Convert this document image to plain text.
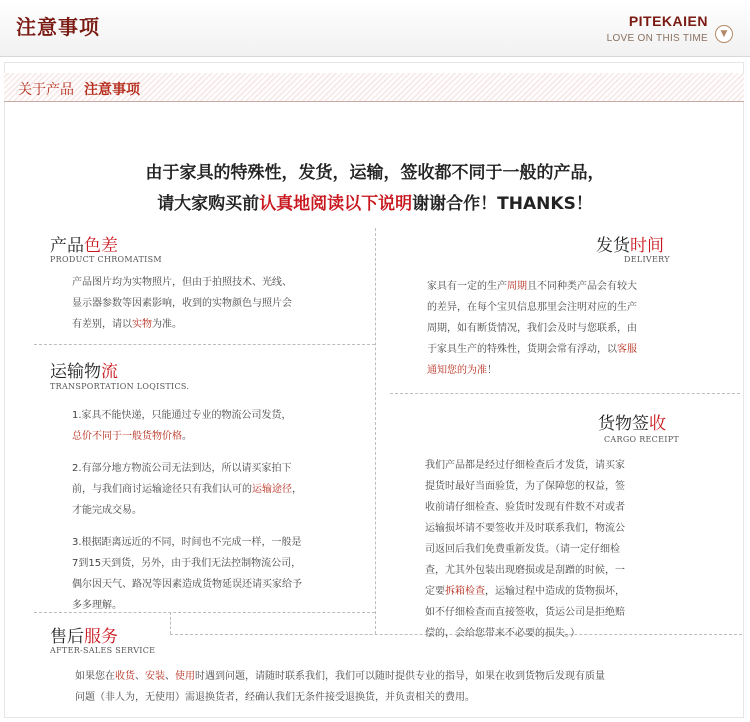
注意事项	PITEKAIEN
LOVE ON THIS TIME	▼
关于产品 注意事项
由于家具的特殊性，发货，运输，签收都不同于一般的产品，
请大家购买前认真地阅读以下说明谢谢合作！THANKS！
产品色差
PRODUCT CHROMATISM
产品图片均为实物照片，但由于拍照技术、光线、
显示器参数等因素影响，收到的实物颜色与照片会
有差别，请以实物为准。
发货时间
DELIVERY
家具有一定的生产周期且不同种类产品会有较大
的差异，在每个宝贝信息那里会注明对应的生产
周期，如有断货情况，我们会及时与您联系，由
于家具生产的特殊性，货期会常有浮动，以客服
通知您的为准！
运输物流
TRANSPORTATION LOQISTICS.
1.家具不能快递，只能通过专业的物流公司发货，
总价不同于一般货物价格。
2.有部分地方物流公司无法到达，所以请买家拍下
前，与我们商讨运输途径只有我们认可的运输途径，
才能完成交易。
3.根据距离远近的不同，时间也不完成一样，一般是
7到15天到货，另外，由于我们无法控制物流公司，
偶尔因天气、路况等因素造成货物延误还请买家给予
多多理解。
货物签收
CARGO RECEIPT
我们产品都是经过仔细检查后才发货，请买家
提货时最好当面验货，为了保障您的权益，签
收前请仔细检查、验货时发现有件数不对或者
运输损坏请不要签收并及时联系我们，物流公
司返回后我们免费重新发货。（请一定仔细检
查，尤其外包装出现磨损或是刮蹭的时候，一
定要拆箱检查，运输过程中造成的货物损坏，
如不仔细检查而直接签收，货运公司是拒绝赔
偿的，会给您带来不必要的损失。）
售后服务
AFTER-SALES SERVICE
如果您在收货、安装、使用时遇到问题，请随时联系我们，我们可以随时提供专业的指导，如果在收到货物后发现有质量
问题（非人为，无使用）需退换货者，经确认我们无条件接受退换货，并负责相关的费用。
